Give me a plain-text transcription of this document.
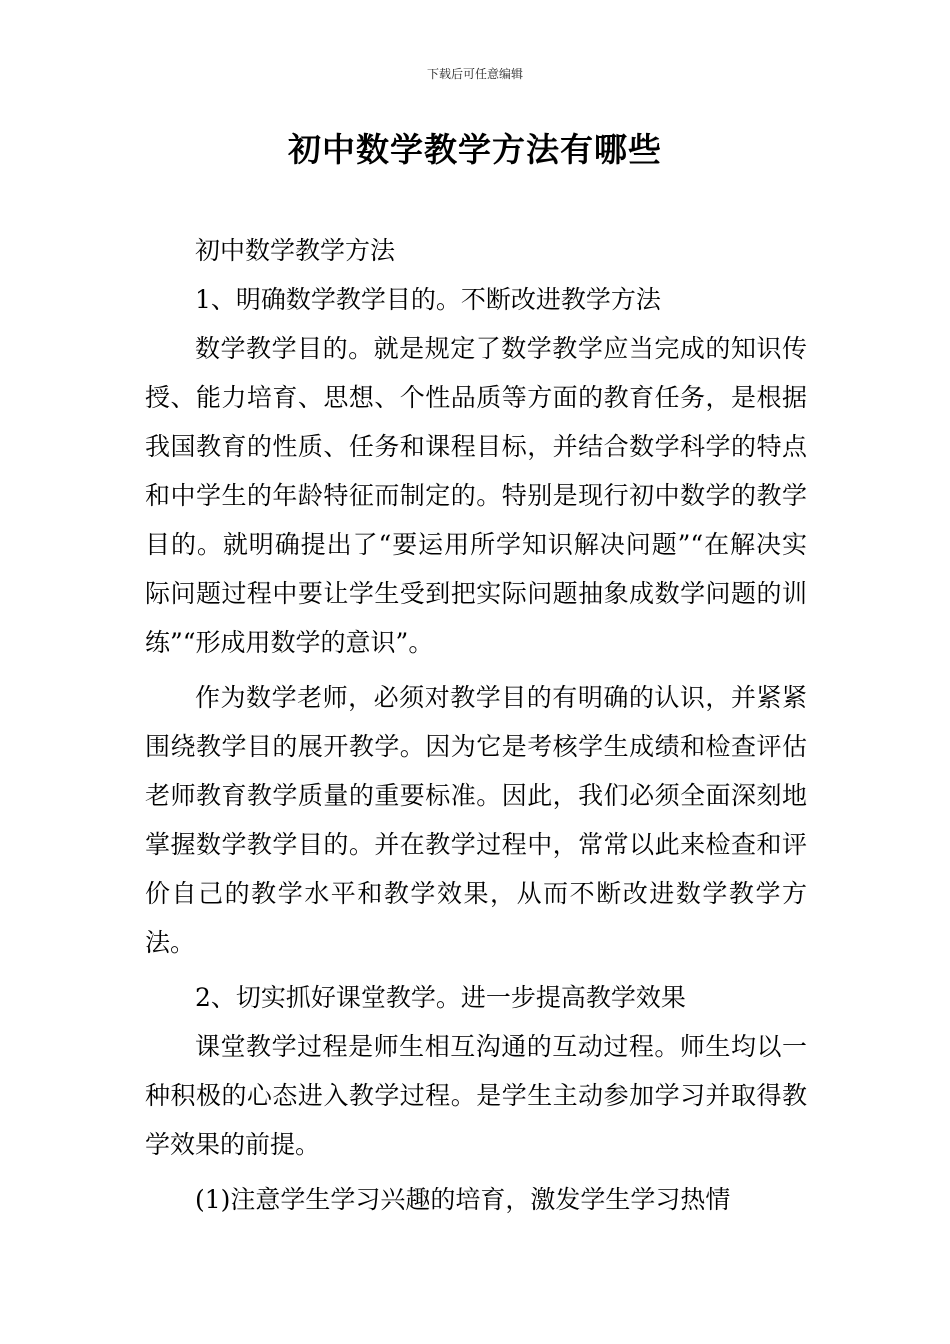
下载后可任意编辑
初中数学教学方法有哪些

初中数学教学方法

1、明确数学教学目的。不断改进教学方法

数学教学目的。就是规定了数学教学应当完成的知识传授、能力培育、思想、个性品质等方面的教育任务，是根据我国教育的性质、任务和课程目标，并结合数学科学的特点和中学生的年龄特征而制定的。特别是现行初中数学的教学目的。就明确提出了“要运用所学知识解决问题”“在解决实际问题过程中要让学生受到把实际问题抽象成数学问题的训练”“形成用数学的意识”。

作为数学老师，必须对教学目的有明确的认识，并紧紧围绕教学目的展开教学。因为它是考核学生成绩和检查评估老师教育教学质量的重要标准。因此，我们必须全面深刻地掌握数学教学目的。并在教学过程中，常常以此来检查和评价自己的教学水平和教学效果，从而不断改进数学教学方法。

2、切实抓好课堂教学。进一步提高教学效果

课堂教学过程是师生相互沟通的互动过程。师生均以一种积极的心态进入教学过程。是学生主动参加学习并取得教学效果的前提。

(1)注意学生学习兴趣的培育，激发学生学习热情
